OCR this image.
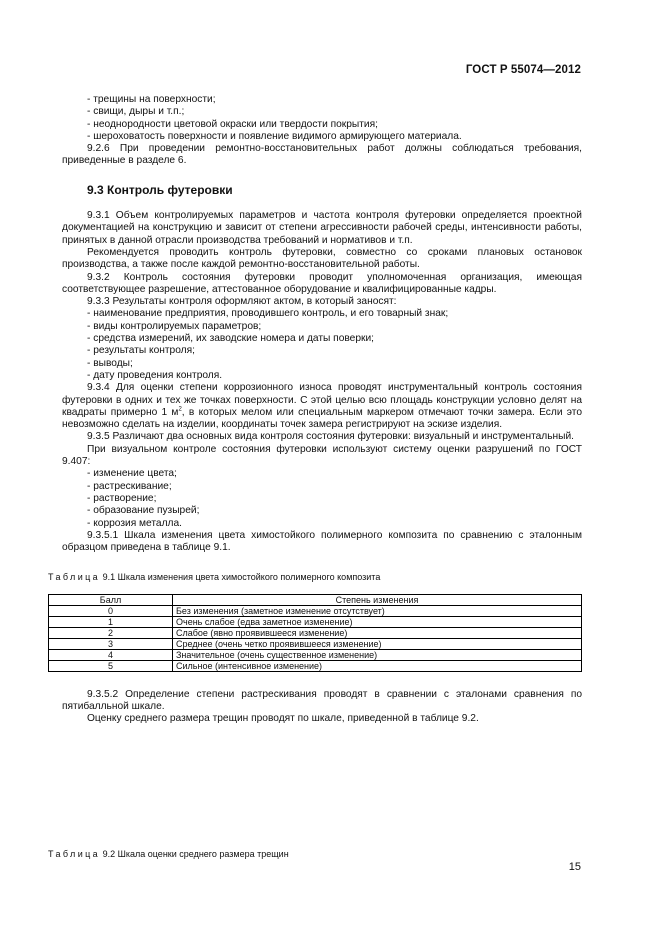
ГОСТ Р 55074—2012

- трещины на поверхности;

- свищи, дыры и т.п.;

- неоднородности цветовой окраски или твердости покрытия;

- шероховатость поверхности и появление видимого армирующего материала.

9.2.6 При проведении ремонтно-восстановительных работ должны соблюдаться требования, приведенные в разделе 6.

9.3 Контроль футеровки

9.3.1 Объем контролируемых параметров и частота контроля футеровки определяется проектной документацией на конструкцию и зависит от степени агрессивности рабочей среды, интенсивности работы, принятых в данной отрасли производства требований и нормативов и т.п.

Рекомендуется проводить контроль футеровки, совместно со сроками плановых остановок производства, а также после каждой ремонтно-восстановительной работы.

9.3.2 Контроль состояния футеровки проводит уполномоченная организация, имеющая соответствующее разрешение, аттестованное оборудование и квалифицированные кадры.

9.3.3 Результаты контроля оформляют актом, в который заносят:

- наименование предприятия, проводившего контроль, и его товарный знак;

- виды контролируемых параметров;

- средства измерений, их заводские номера и даты поверки;

- результаты контроля;

- выводы;

- дату проведения контроля.

9.3.4 Для оценки степени коррозионного износа проводят инструментальный контроль состояния футеровки в одних и тех же точках поверхности. С этой целью всю площадь конструкции условно делят на квадраты примерно 1 $м^2$, в которых мелом или специальным маркером отмечают точки замера. Если это невозможно сделать на изделии, координаты точек замера регистрируют на эскизе изделия.

9.3.5 Различают два основных вида контроля состояния футеровки: визуальный и инструментальный.

При визуальном контроле состояния футеровки используют систему оценки разрушений по ГОСТ 9.407:

- изменение цвета;

- растрескивание;

- растворение;

- образование пузырей;

- коррозия металла.

9.3.5.1 Шкала изменения цвета химостойкого полимерного композита по сравнению с эталонным образцом приведена в таблице 9.1.

Таблица 9.1 Шкала изменения цвета химостойкого полимерного композита
Балл	Степень изменения
0	Без изменения (заметное изменение отсутствует)
1	Очень слабое (едва заметное изменение)
2	Слабое (явно проявившееся изменение)
3	Среднее (очень четко проявившееся изменение)
4	Значительное (очень существенное изменение)
5	Сильное (интенсивное изменение)

9.3.5.2 Определение степени растрескивания проводят в сравнении с эталонами сравнения по пятибалльной шкале.

Оценку среднего размера трещин проводят по шкале, приведенной в таблице 9.2.

Таблица 9.2 Шкала оценки среднего размера трещин
15
